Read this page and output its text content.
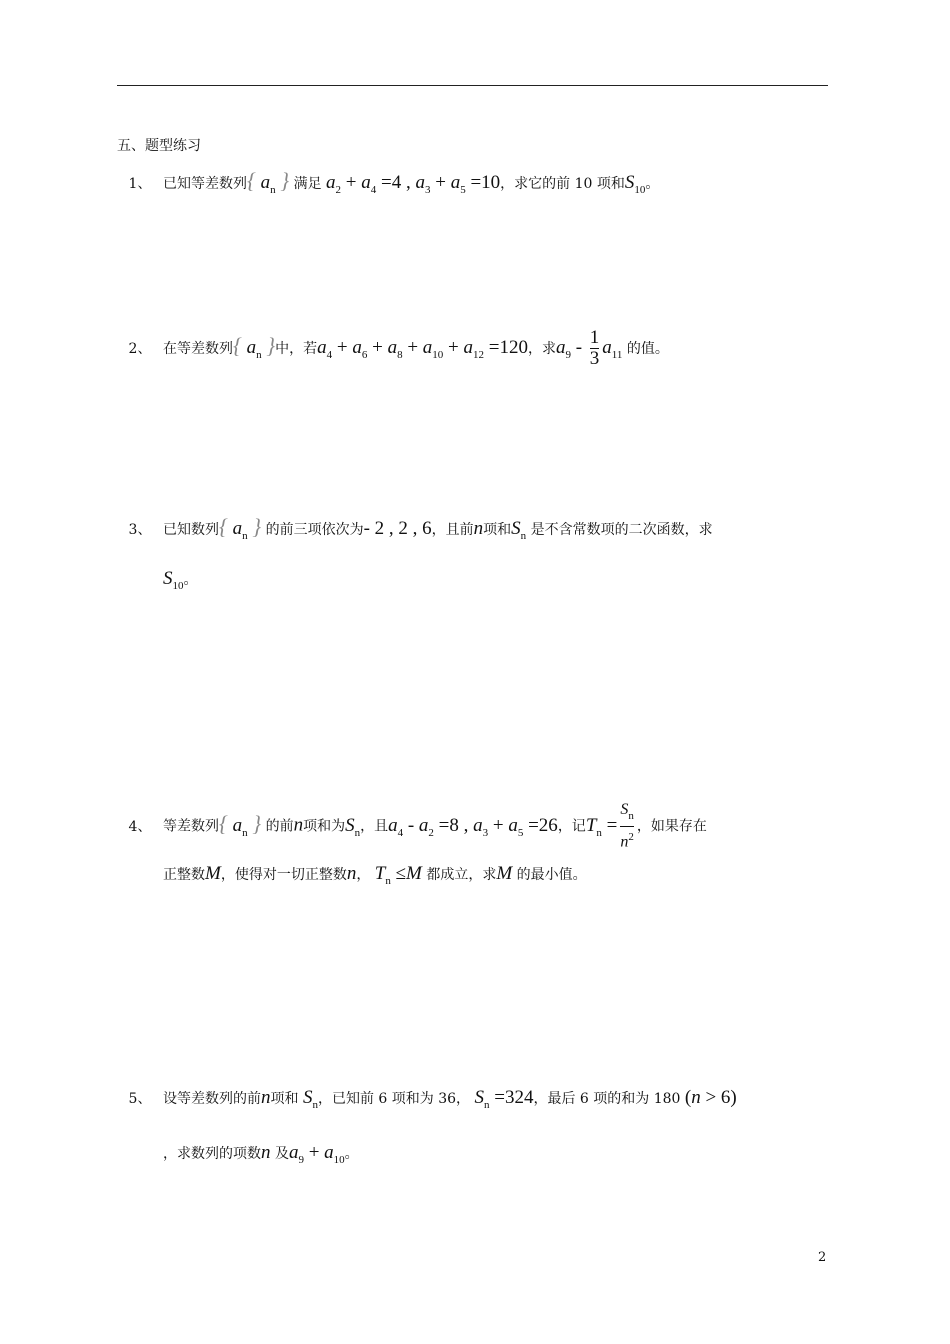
五、题型练习
1、 已知等差数列{ $a_n$ } 满足 $a_2 + a_4 =4$ , $a_3 + a_5 =10$，求它的前 10 项和$S_{10}$。
2、 在等差数列{ $a_n$ }中，若$a_4 + a_6 + a_8 + a_{10} + a_{12} =120$，求$a_9 - \frac{1}{3} a_{11}$ 的值。
3、 已知数列{ $a_n$ } 的前三项依次为- 2 , 2 , 6，且前n项和$S_n$ 是不含常数项的二次函数，求
$S_{10}$。
4、 等差数列{ $a_n$ } 的前n项和为$S_n$，且$a_4 - a_2 =8$ , $a_3 + a_5 =26$，记$T_n = \frac{S_n}{n^2}$ ，如果存在
正整数M，使得对一切正整数n， $T_n \le M$ 都成立，求M 的最小值。
5、 设等差数列的前n项和 $S_n$，已知前 6 项和为 36， $S_n =324$，最后 6 项的和为 180 (n > 6)
，求数列的项数n 及$a_9 + a_{10}$。
2
